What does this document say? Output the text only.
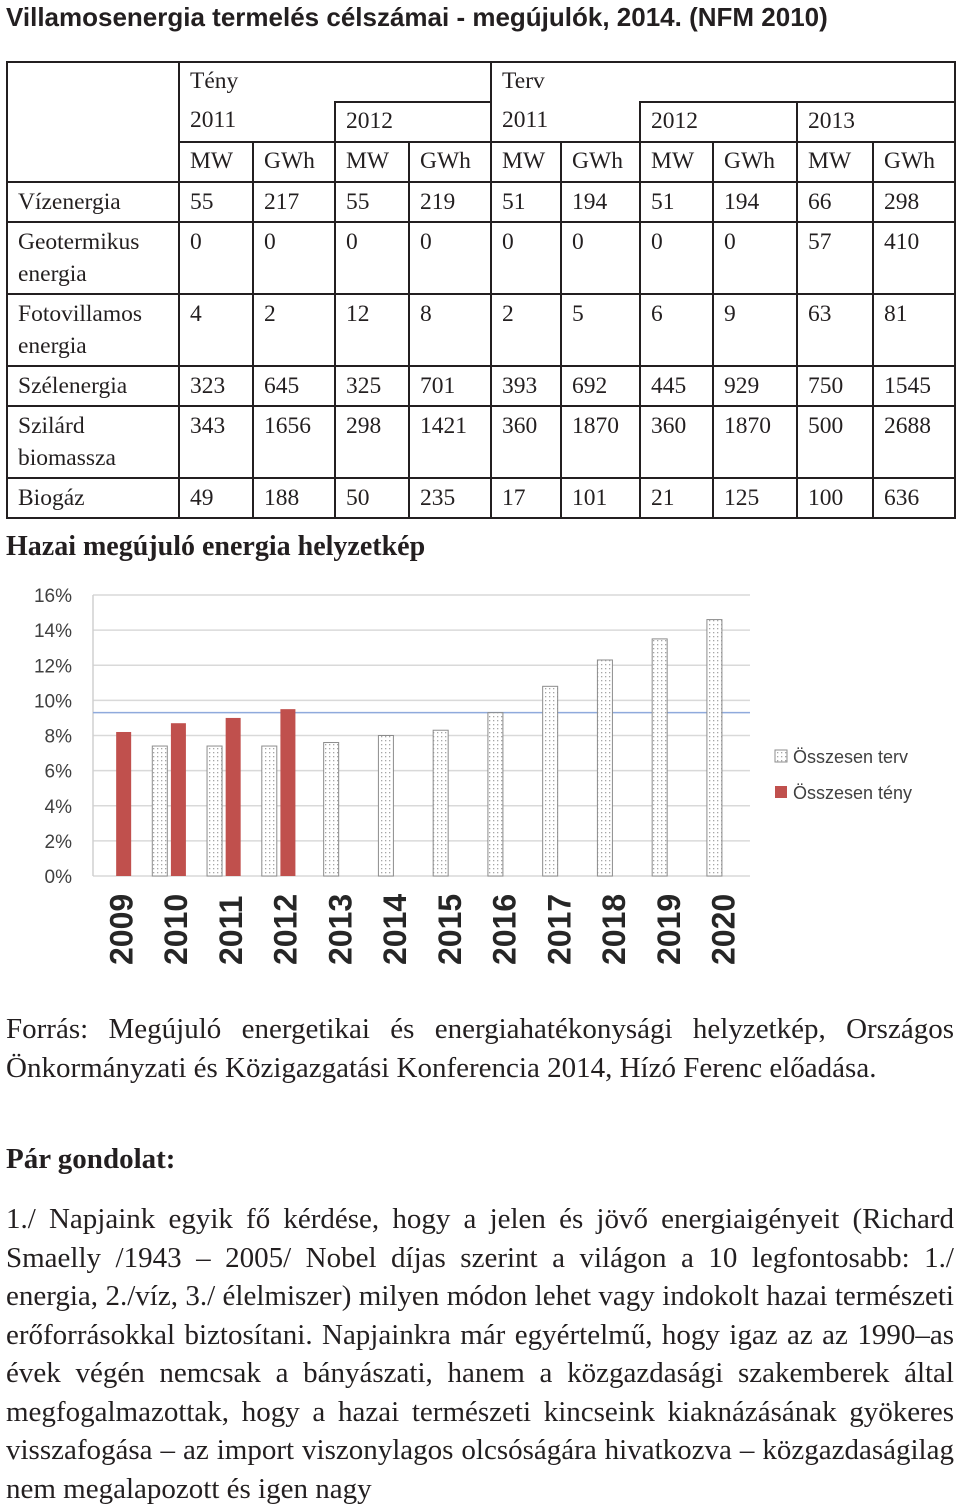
Villamosenergia termelés célszámai - megújulók, 2014. (NFM 2010)
	Tény				Terv					
	2011		2012		2011		2012		2013	
	MW	GWh	MW	GWh	MW	GWh	MW	GWh	MW	GWh
Vízenergia	55	217	55	219	51	194	51	194	66	298
Geotermikus energia	0	0	0	0	0	0	0	0	57	410
Fotovillamos energia	4	2	12	8	2	5	6	9	63	81
Szélenergia	323	645	325	701	393	692	445	929	750	1545
Szilárd biomassza	343	1656	298	1421	360	1870	360	1870	500	2688
Biogáz	49	188	50	235	17	101	21	125	100	636
Hazai megújuló energia helyzetkép
0%
2%
4%
6%
8%
10%
12%
14%
16%
2009 2010 2011 2012 2013 2014 2015 2016 2017 2018 2019 2020
Összesen terv
Összesen tény

Forrás: Megújuló energetikai és energiahatékonysági helyzetkép, Országos Önkormányzati és Közigazgatási Konferencia 2014, Hízó Ferenc előadása.

Pár gondolat:

1./ Napjaink egyik fő kérdése, hogy a jelen és jövő energiaigényeit (Richard Smaelly /1943 – 2005/ Nobel díjas szerint a világon a 10 legfontosabb: 1./ energia, 2./víz, 3./ élelmiszer) milyen módon lehet vagy indokolt hazai természeti erőforrásokkal biztosítani. Napjainkra már egyértelmű, hogy igaz az az 1990–as évek végén nemcsak a bányászati, hanem a közgazdasági szakemberek által megfogalmazottak, hogy a hazai természeti kincseink kiaknázásának gyökeres visszafogása – az import viszonylagos olcsóságára hivatkozva – közgazdaságilag nem megalapozott és igen nagy
